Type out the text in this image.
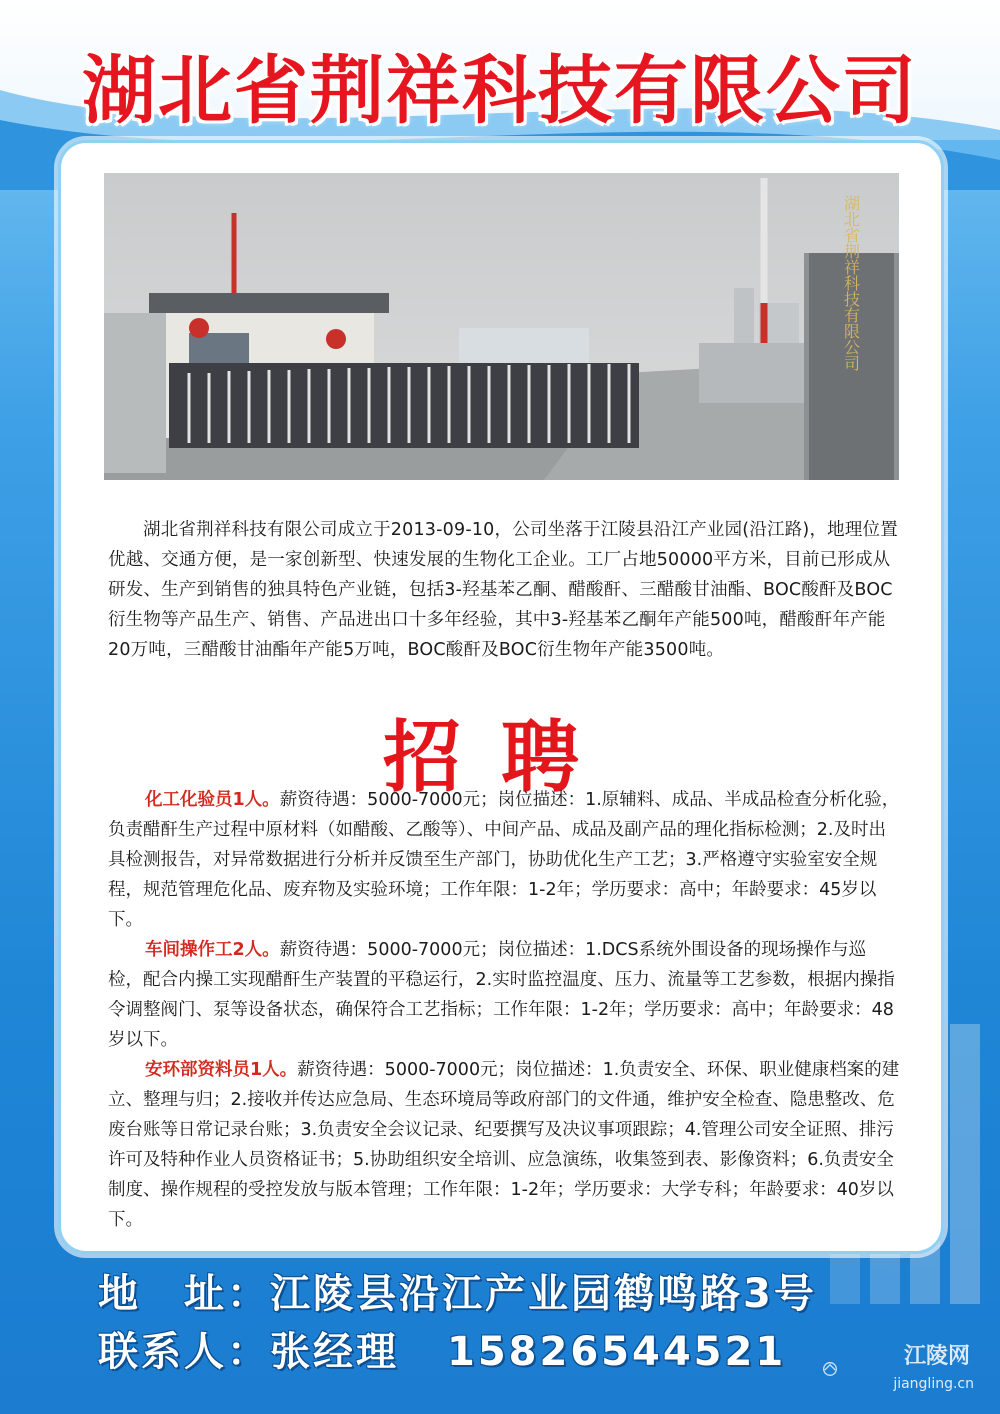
湖北省荆祥科技有限公司
湖北省荆祥科技有限公司
湖北省荆祥科技有限公司成立于2013-09-10，公司坐落于江陵县沿江产业园(沿江路)，地理位置优越、交通方便，是一家创新型、快速发展的生物化工企业。工厂占地50000平方米，目前已形成从研发、生产到销售的独具特色产业链，包括3-羟基苯乙酮、醋酸酐、三醋酸甘油酯、BOC酸酐及BOC衍生物等产品生产、销售、产品进出口十多年经验，其中3-羟基苯乙酮年产能500吨，醋酸酐年产能20万吨，三醋酸甘油酯年产能5万吨，BOC酸酐及BOC衍生物年产能3500吨。
招聘

化工化验员1人。薪资待遇：5000-7000元；岗位描述：1.原辅料、成品、半成品检查分析化验，负责醋酐生产过程中原材料（如醋酸、乙酸等）、中间产品、成品及副产品的理化指标检测；2.及时出具检测报告，对异常数据进行分析并反馈至生产部门，协助优化生产工艺；3.严格遵守实验室安全规程，规范管理危化品、废弃物及实验环境；工作年限：1-2年；学历要求：高中；年龄要求：45岁以下。

车间操作工2人。薪资待遇：5000-7000元；岗位描述：1.DCS系统外围设备的现场操作与巡检，配合内操工实现醋酐生产装置的平稳运行，2.实时监控温度、压力、流量等工艺参数，根据内操指令调整阀门、泵等设备状态，确保符合工艺指标；工作年限：1-2年；学历要求：高中；年龄要求：48岁以下。

安环部资料员1人。薪资待遇：5000-7000元；岗位描述：1.负责安全、环保、职业健康档案的建立、整理与归；2.接收并传达应急局、生态环境局等政府部门的文件通，维护安全检查、隐患整改、危废台账等日常记录台账；3.负责安全会议记录、纪要撰写及决议事项跟踪；4.管理公司安全证照、排污许可及特种作业人员资格证书；5.协助组织安全培训、应急演练，收集签到表、影像资料；6.负责安全制度、操作规程的受控发放与版本管理；工作年限：1-2年；学历要求：大学专科；年龄要求：40岁以下。

地　址：江陵县沿江产业园鹤鸣路3号
联系人：张经理 15826544521	江陵网
jiangling.cn
